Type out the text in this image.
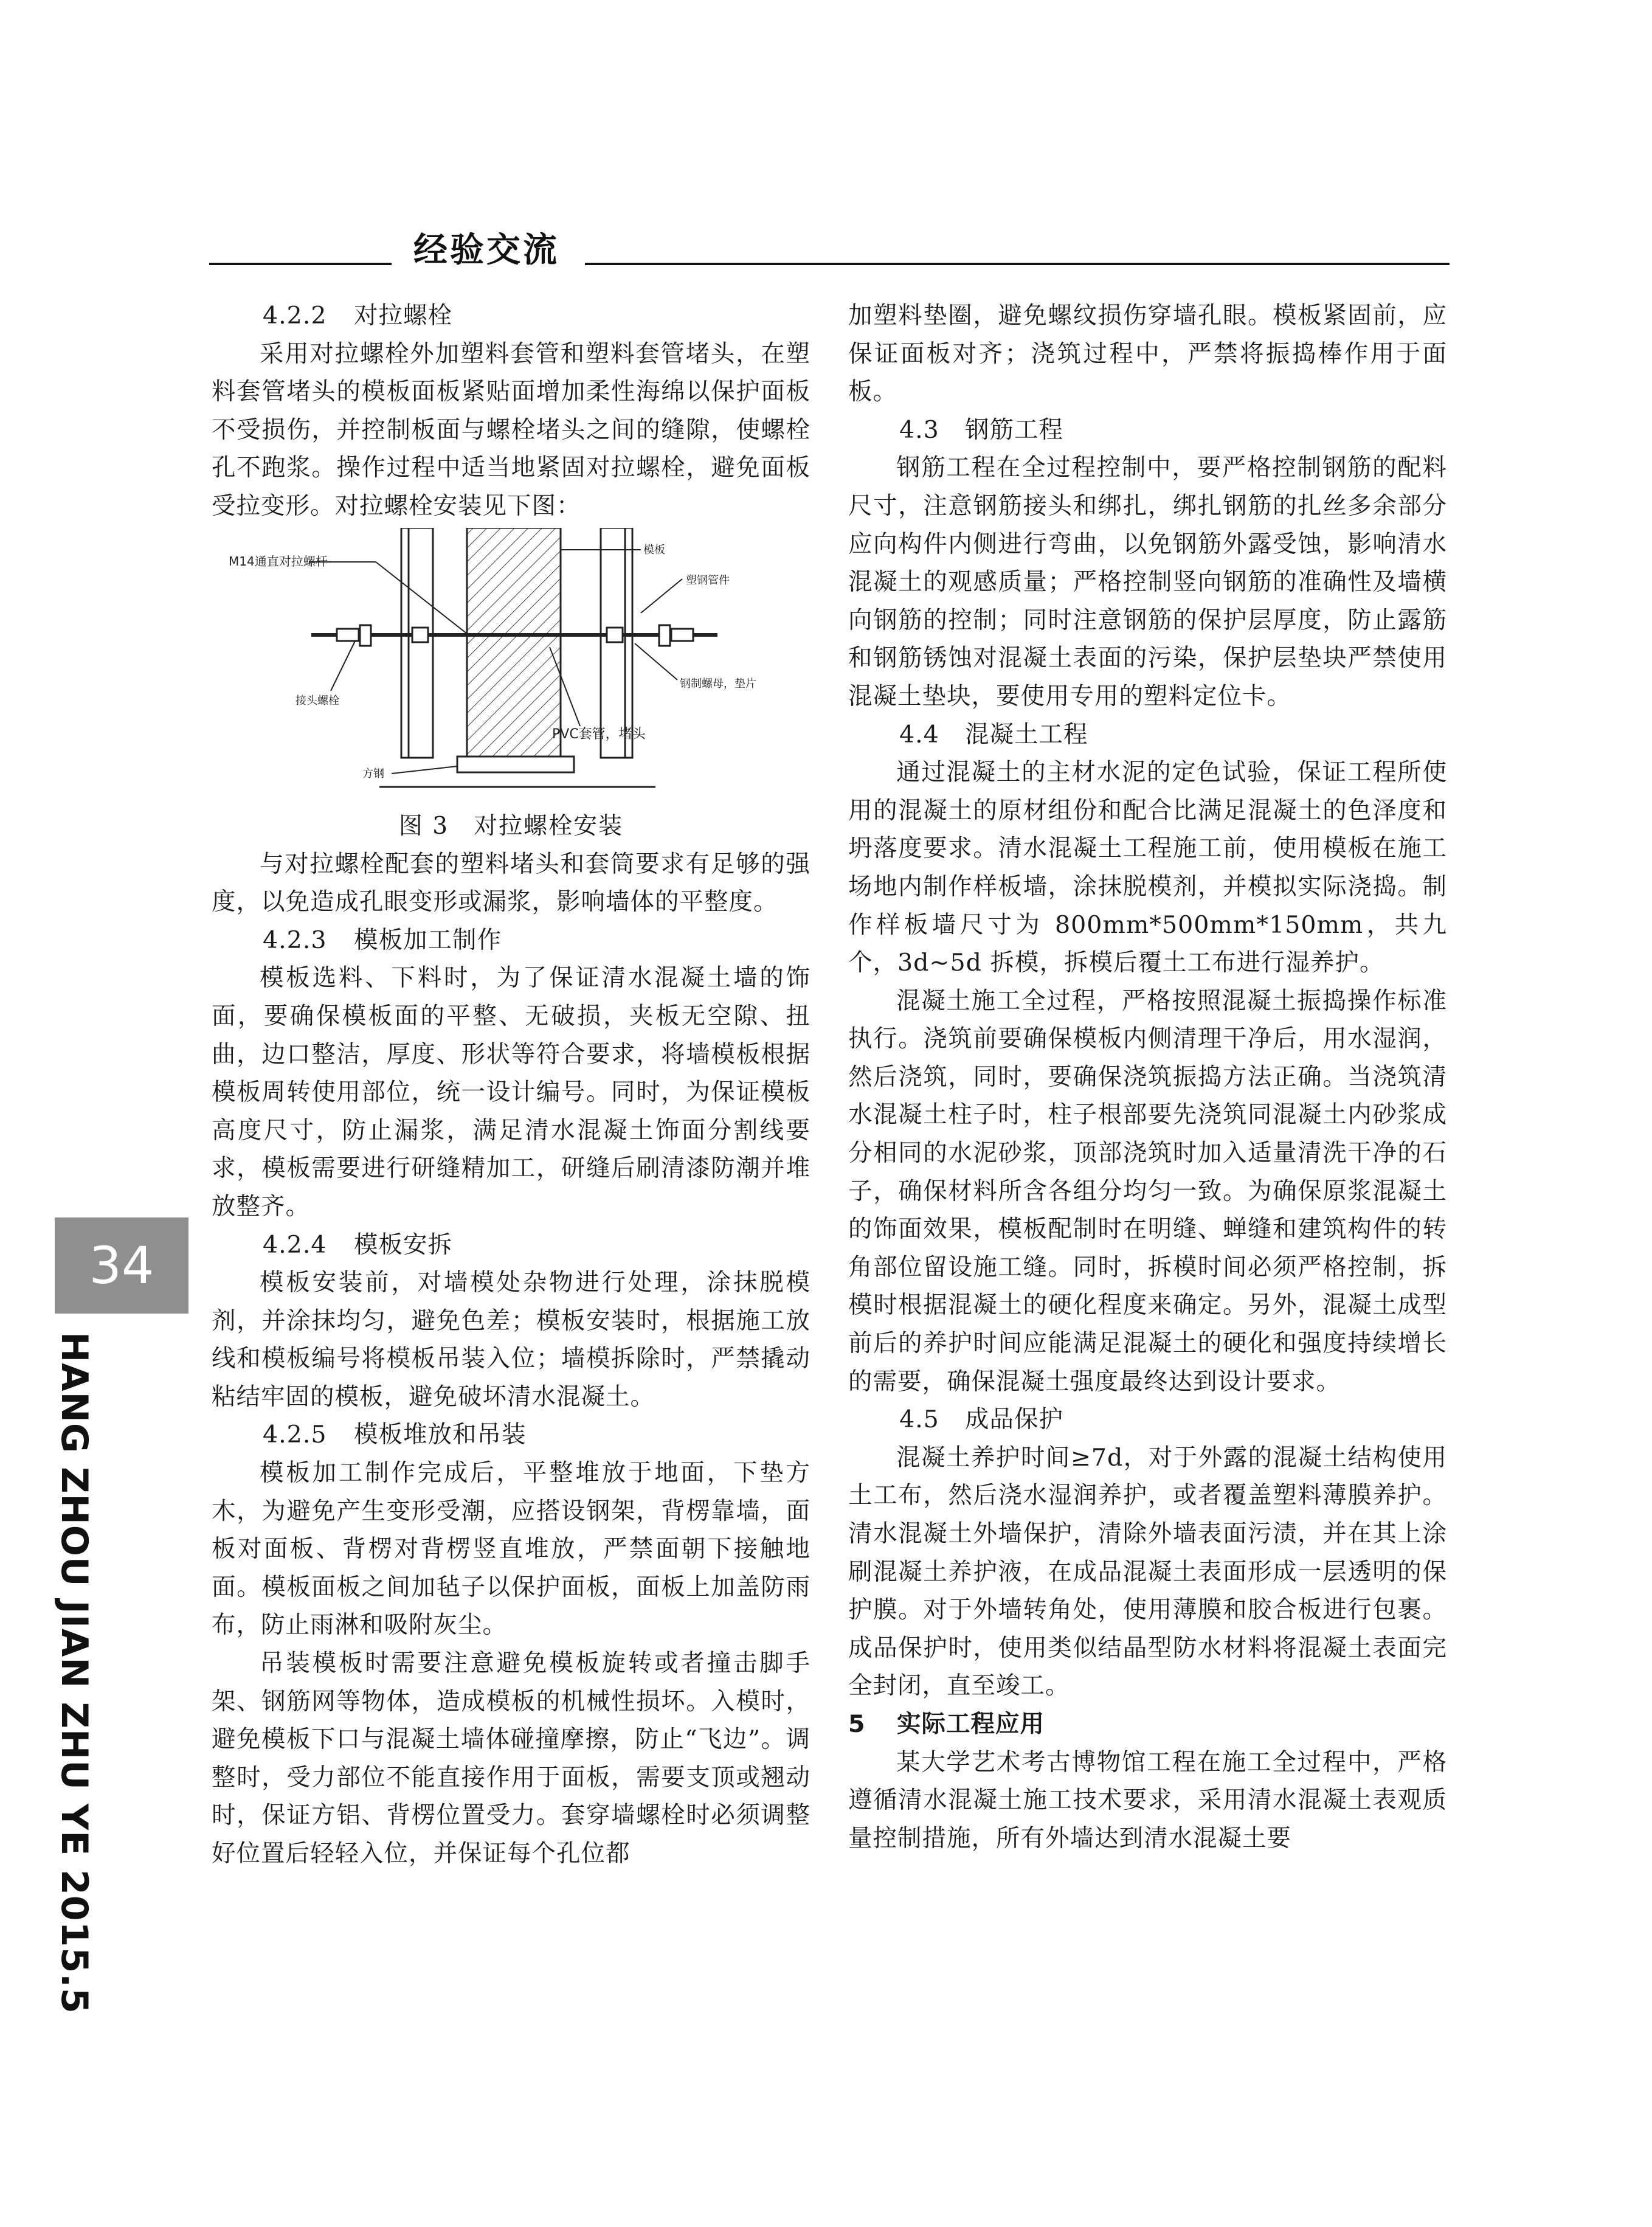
经验交流
34
HANG ZHOU JIAN ZHU YE 2015.5

4.2.2 对拉螺栓

采用对拉螺栓外加塑料套管和塑料套管堵头，在塑料套管堵头的模板面板紧贴面增加柔性海绵以保护面板不受损伤，并控制板面与螺栓堵头之间的缝隙，使螺栓孔不跑浆。操作过程中适当地紧固对拉螺栓，避免面板受拉变形。对拉螺栓安装见下图：

M14通直对拉螺杆
模板
塑钢管件
钢制螺母，垫片
接头螺栓
PVC套管，堵头
方钢

图 3　对拉螺栓安装

与对拉螺栓配套的塑料堵头和套筒要求有足够的强度，以免造成孔眼变形或漏浆，影响墙体的平整度。

4.2.3 模板加工制作

模板选料、下料时，为了保证清水混凝土墙的饰面，要确保模板面的平整、无破损，夹板无空隙、扭曲，边口整洁，厚度、形状等符合要求，将墙模板根据模板周转使用部位，统一设计编号。同时，为保证模板高度尺寸，防止漏浆，满足清水混凝土饰面分割线要求，模板需要进行研缝精加工，研缝后刷清漆防潮并堆放整齐。

4.2.4 模板安拆

模板安装前，对墙模处杂物进行处理，涂抹脱模剂，并涂抹均匀，避免色差；模板安装时，根据施工放线和模板编号将模板吊装入位；墙模拆除时，严禁撬动粘结牢固的模板，避免破坏清水混凝土。

4.2.5 模板堆放和吊装

模板加工制作完成后，平整堆放于地面，下垫方木，为避免产生变形受潮，应搭设钢架，背楞靠墙，面板对面板、背楞对背楞竖直堆放，严禁面朝下接触地面。模板面板之间加毡子以保护面板，面板上加盖防雨布，防止雨淋和吸附灰尘。

吊装模板时需要注意避免模板旋转或者撞击脚手架、钢筋网等物体，造成模板的机械性损坏。入模时，避免模板下口与混凝土墙体碰撞摩擦，防止“飞边”。调整时，受力部位不能直接作用于面板，需要支顶或翘动时，保证方铝、背楞位置受力。套穿墙螺栓时必须调整好位置后轻轻入位，并保证每个孔位都

加塑料垫圈，避免螺纹损伤穿墙孔眼。模板紧固前，应保证面板对齐；浇筑过程中，严禁将振捣棒作用于面板。

4.3 钢筋工程

钢筋工程在全过程控制中，要严格控制钢筋的配料尺寸，注意钢筋接头和绑扎，绑扎钢筋的扎丝多余部分应向构件内侧进行弯曲，以免钢筋外露受蚀，影响清水混凝土的观感质量；严格控制竖向钢筋的准确性及墙横向钢筋的控制；同时注意钢筋的保护层厚度，防止露筋和钢筋锈蚀对混凝土表面的污染，保护层垫块严禁使用混凝土垫块，要使用专用的塑料定位卡。

4.4 混凝土工程

通过混凝土的主材水泥的定色试验，保证工程所使用的混凝土的原材组份和配合比满足混凝土的色泽度和坍落度要求。清水混凝土工程施工前，使用模板在施工场地内制作样板墙，涂抹脱模剂，并模拟实际浇捣。制作样板墙尺寸为 800mm*500mm*150mm，共九个，3d~5d 拆模，拆模后覆土工布进行湿养护。

混凝土施工全过程，严格按照混凝土振捣操作标准执行。浇筑前要确保模板内侧清理干净后，用水湿润，然后浇筑，同时，要确保浇筑振捣方法正确。当浇筑清水混凝土柱子时，柱子根部要先浇筑同混凝土内砂浆成分相同的水泥砂浆，顶部浇筑时加入适量清洗干净的石子，确保材料所含各组分均匀一致。为确保原浆混凝土的饰面效果，模板配制时在明缝、蝉缝和建筑构件的转角部位留设施工缝。同时，拆模时间必须严格控制，拆模时根据混凝土的硬化程度来确定。另外，混凝土成型前后的养护时间应能满足混凝土的硬化和强度持续增长的需要，确保混凝土强度最终达到设计要求。

4.5 成品保护

混凝土养护时间≥7d，对于外露的混凝土结构使用土工布，然后浇水湿润养护，或者覆盖塑料薄膜养护。清水混凝土外墙保护，清除外墙表面污渍，并在其上涂刷混凝土养护液，在成品混凝土表面形成一层透明的保护膜。对于外墙转角处，使用薄膜和胶合板进行包裹。成品保护时，使用类似结晶型防水材料将混凝土表面完全封闭，直至竣工。

5 实际工程应用

某大学艺术考古博物馆工程在施工全过程中，严格遵循清水混凝土施工技术要求，采用清水混凝土表观质量控制措施，所有外墙达到清水混凝土要
